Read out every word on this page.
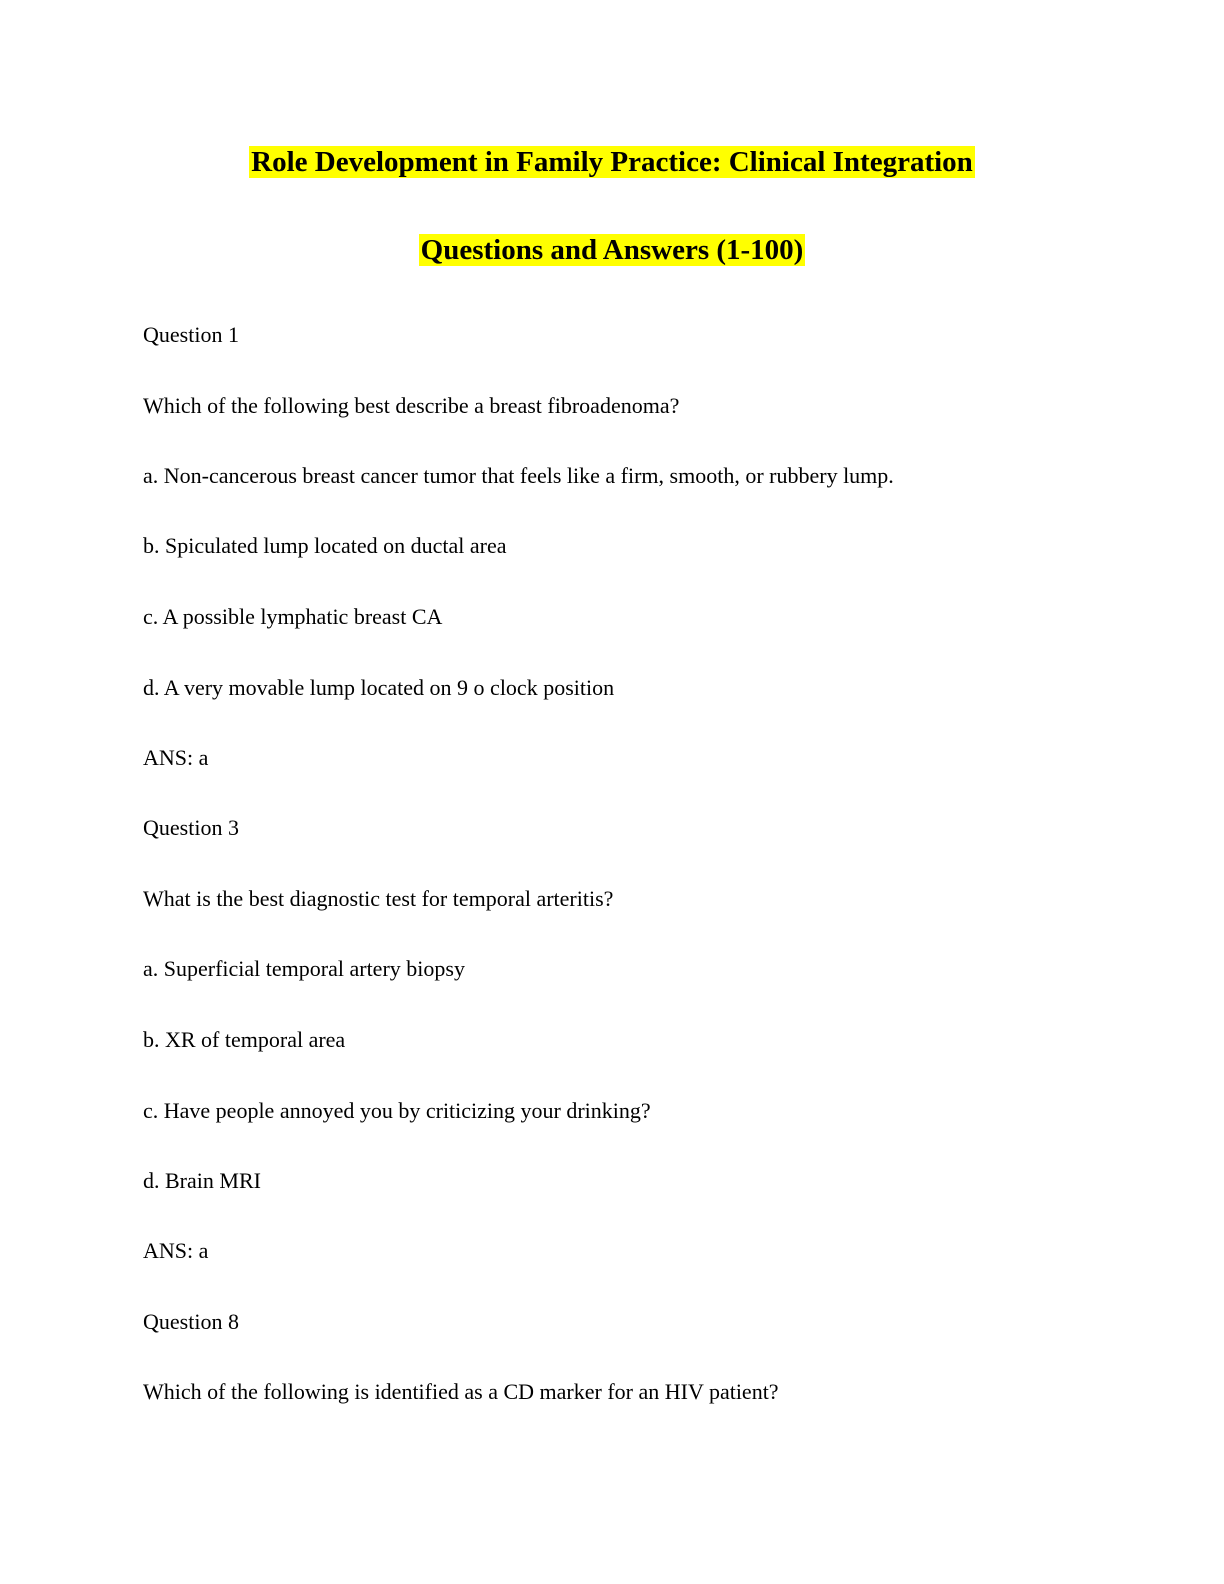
Role Development in Family Practice: Clinical Integration
Questions and Answers (1-100)
Question 1
Which of the following best describe a breast fibroadenoma?
a. Non-cancerous breast cancer tumor that feels like a firm, smooth, or rubbery lump.
b. Spiculated lump located on ductal area
c. A possible lymphatic breast CA
d. A very movable lump located on 9 o clock position
ANS: a
Question 3
What is the best diagnostic test for temporal arteritis?
a. Superficial temporal artery biopsy
b. XR of temporal area
c. Have people annoyed you by criticizing your drinking?
d. Brain MRI
ANS: a
Question 8
Which of the following is identified as a CD marker for an HIV patient?
